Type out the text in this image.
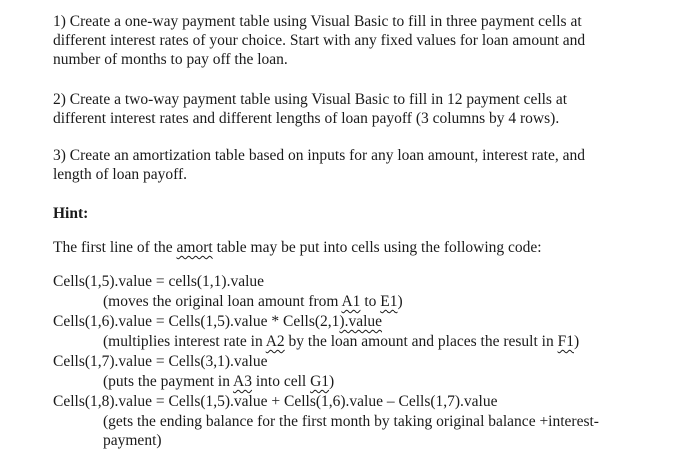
1) Create a one-way payment table using Visual Basic to fill in three payment cells at
different interest rates of your choice. Start with any fixed values for loan amount and
number of months to pay off the loan.

2) Create a two-way payment table using Visual Basic to fill in 12 payment cells at
different interest rates and different lengths of loan payoff (3 columns by 4 rows).

3) Create an amortization table based on inputs for any loan amount, interest rate, and
length of loan payoff.

Hint:
The first line of the amort table may be put into cells using the following code:
Cells(1,5).value = cells(1,1).value
(moves the original loan amount from A1 to E1)
Cells(1,6).value = Cells(1,5).value * Cells(2,1).value
(multiplies interest rate in A2 by the loan amount and places the result in F1)
Cells(1,7).value = Cells(3,1).value
(puts the payment in A3 into cell G1)
Cells(1,8).value = Cells(1,5).value + Cells(1,6).value – Cells(1,7).value
(gets the ending balance for the first month by taking original balance +interest-
payment)
